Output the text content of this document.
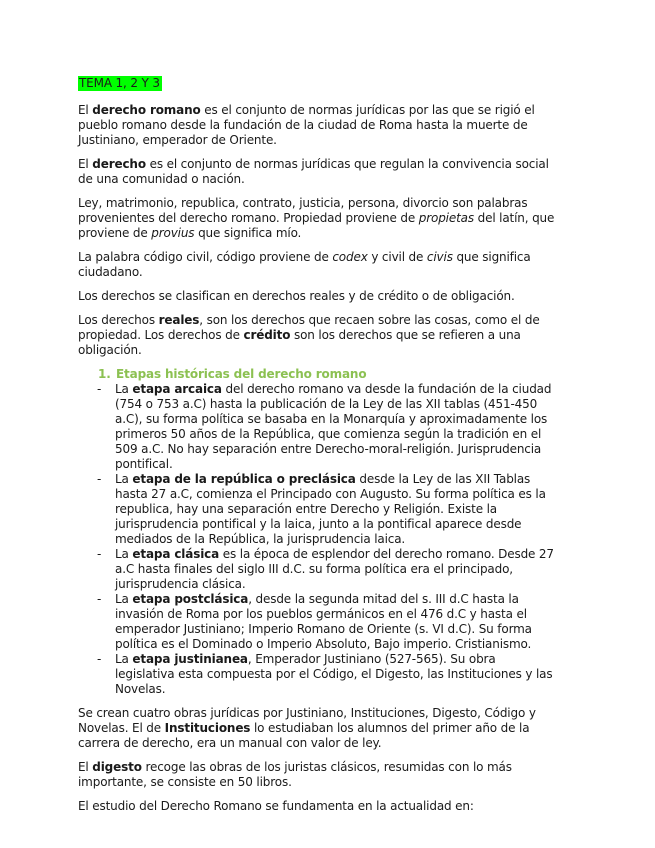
TEMA 1, 2 Y 3

El derecho romano es el conjunto de normas jurídicas por las que se rigió el pueblo romano desde la fundación de la ciudad de Roma hasta la muerte de Justiniano, emperador de Oriente.

El derecho es el conjunto de normas jurídicas que regulan la convivencia social de una comunidad o nación.

Ley, matrimonio, republica, contrato, justicia, persona, divorcio son palabras provenientes del derecho romano. Propiedad proviene de propietas del latín, que proviene de provius que significa mío.

La palabra código civil, código proviene de codex y civil de civis que significa ciudadano.

Los derechos se clasifican en derechos reales y de crédito o de obligación.

Los derechos reales, son los derechos que recaen sobre las cosas, como el de propiedad. Los derechos de crédito son los derechos que se refieren a una obligación.

1. Etapas históricas del derecho romano
- La etapa arcaica del derecho romano va desde la fundación de la ciudad (754 o 753 a.C) hasta la publicación de la Ley de las XII tablas (451-450 a.C), su forma política se basaba en la Monarquía y aproximadamente los primeros 50 años de la República, que comienza según la tradición en el 509 a.C. No hay separación entre Derecho-moral-religión. Jurisprudencia pontifical.
- La etapa de la república o preclásica desde la Ley de las XII Tablas hasta 27 a.C, comienza el Principado con Augusto. Su forma política es la republica, hay una separación entre Derecho y Religión. Existe la jurisprudencia pontifical y la laica, junto a la pontifical aparece desde mediados de la República, la jurisprudencia laica.
- La etapa clásica es la época de esplendor del derecho romano. Desde 27 a.C hasta finales del siglo III d.C. su forma política era el principado, jurisprudencia clásica.
- La etapa postclásica, desde la segunda mitad del s. III d.C hasta la invasión de Roma por los pueblos germánicos en el 476 d.C y hasta el emperador Justiniano; Imperio Romano de Oriente (s. VI d.C). Su forma política es el Dominado o Imperio Absoluto, Bajo imperio. Cristianismo.
- La etapa justinianea, Emperador Justiniano (527-565). Su obra legislativa esta compuesta por el Código, el Digesto, las Instituciones y las Novelas.

Se crean cuatro obras jurídicas por Justiniano, Instituciones, Digesto, Código y Novelas. El de Instituciones lo estudiaban los alumnos del primer año de la carrera de derecho, era un manual con valor de ley.

El digesto recoge las obras de los juristas clásicos, resumidas con lo más importante, se consiste en 50 libros.

El estudio del Derecho Romano se fundamenta en la actualidad en:
